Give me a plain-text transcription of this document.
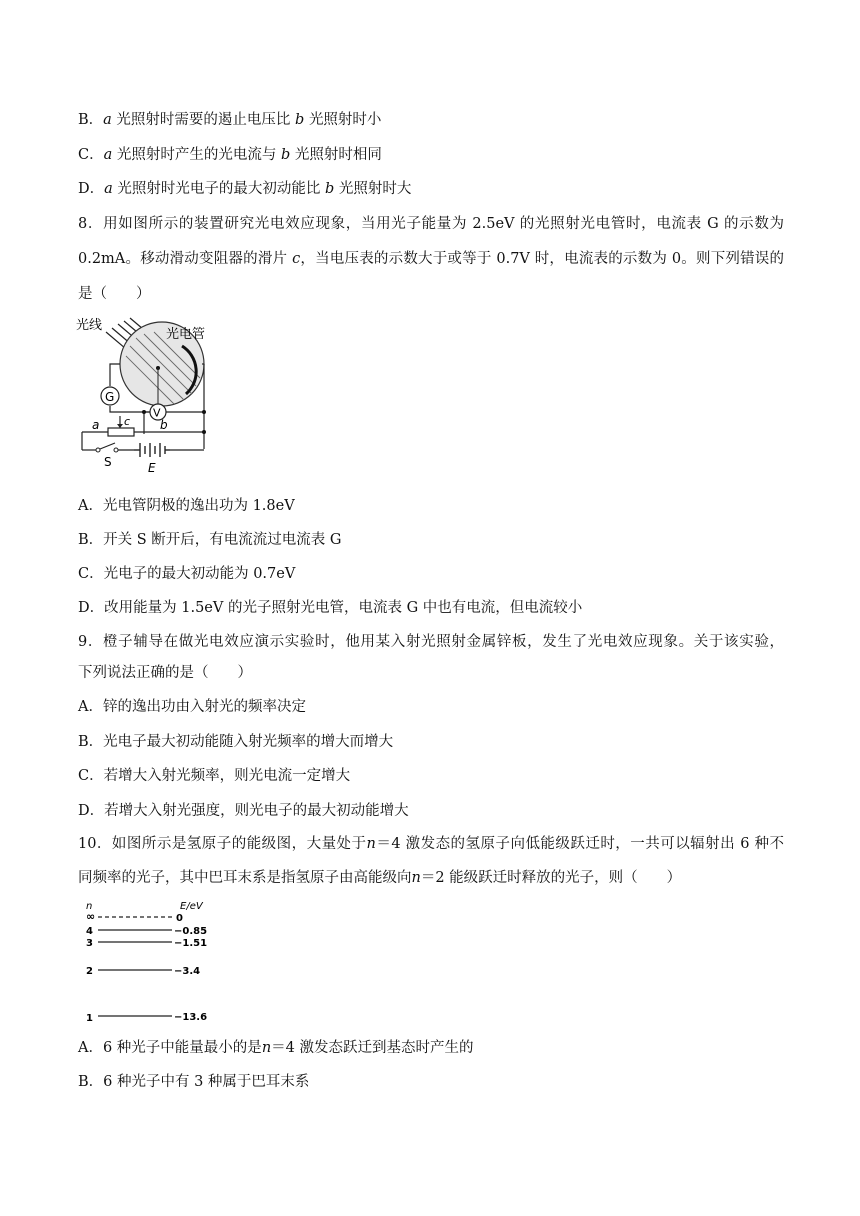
B．a 光照射时需要的遏止电压比 b 光照射时小
C．a 光照射时产生的光电流与 b 光照射时相同
D．a 光照射时光电子的最大初动能比 b 光照射时大
8．用如图所示的装置研究光电效应现象，当用光子能量为 2.5eV 的光照射光电管时，电流表 G 的示数为
0.2mA。移动滑动变阻器的滑片 c，当电压表的示数大于或等于 0.7V 时，电流表的示数为 0。则下列错误的
是（　　）
光线
光电管
G
V
a c b
S	E
A．光电管阴极的逸出功为 1.8eV
B．开关 S 断开后，有电流流过电流表 G
C．光电子的最大初动能为 0.7eV
D．改用能量为 1.5eV 的光子照射光电管，电流表 G 中也有电流，但电流较小
9．橙子辅导在做光电效应演示实验时，他用某入射光照射金属锌板，发生了光电效应现象。关于该实验，
下列说法正确的是（　　）
A．锌的逸出功由入射光的频率决定
B．光电子最大初动能随入射光频率的增大而增大
C．若增大入射光频率，则光电流一定增大
D．若增大入射光强度，则光电子的最大初动能增大
10．如图所示是氢原子的能级图，大量处于n＝4 激发态的氢原子向低能级跃迁时，一共可以辐射出 6 种不
同频率的光子，其中巴耳末系是指氢原子由高能级向n＝2 能级跃迁时释放的光子，则（　　）
n	E/eV
∞	0
4	−0.85
3	−1.51
2	−3.4
1	−13.6
A．6 种光子中能量最小的是n＝4 激发态跃迁到基态时产生的
B．6 种光子中有 3 种属于巴耳末系
